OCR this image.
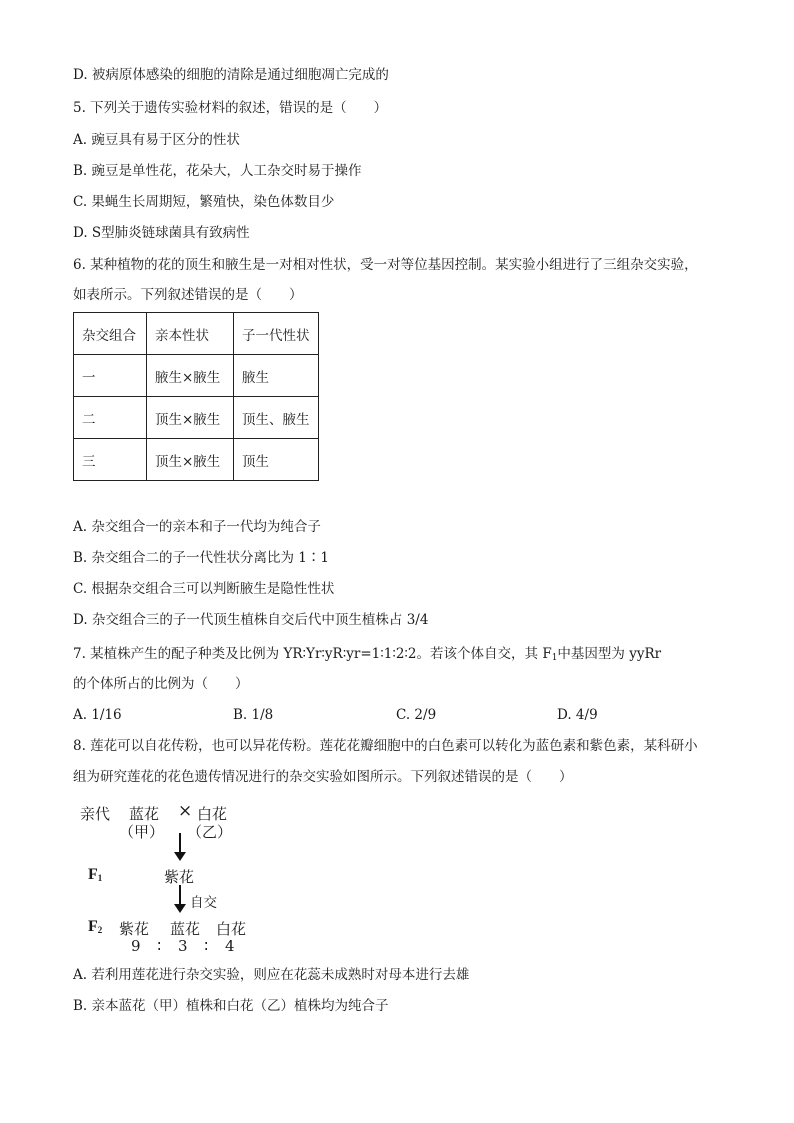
D. 被病原体感染的细胞的清除是通过细胞凋亡完成的
5. 下列关于遗传实验材料的叙述，错误的是（　　）
A. 豌豆具有易于区分的性状
B. 豌豆是单性花，花朵大，人工杂交时易于操作
C. 果蝇生长周期短，繁殖快，染色体数目少
D. S型肺炎链球菌具有致病性
6. 某种植物的花的顶生和腋生是一对相对性状，受一对等位基因控制。某实验小组进行了三组杂交实验，
如表所示。下列叙述错误的是（　　）
杂交组合	亲本性状	子一代性状
一	腋生×腋生	腋生
二	顶生×腋生	顶生、腋生
三	顶生×腋生	顶生
A. 杂交组合一的亲本和子一代均为纯合子
B. 杂交组合二的子一代性状分离比为 1∶1
C. 根据杂交组合三可以判断腋生是隐性性状
D. 杂交组合三的子一代顶生植株自交后代中顶生植株占 3/4
7. 某植株产生的配子种类及比例为 YR∶Yr∶yR∶yr=1∶1∶2∶2。若该个体自交，其 $F_1$中基因型为 yyRr
的个体所占的比例为（　　）
A. 1/16	B. 1/8	C. 2/9	D. 4/9
8. 莲花可以自花传粉，也可以异花传粉。莲花花瓣细胞中的白色素可以转化为蓝色素和紫色素，某科研小
组为研究莲花的花色遗传情况进行的杂交实验如图所示。下列叙述错误的是（　　）
亲代 蓝花 × 白花
（甲） （乙）
$F_1$	紫花
自交
$F_2$ 紫花 蓝花 白花
9 ∶ 3 ∶ 4
A. 若利用莲花进行杂交实验，则应在花蕊未成熟时对母本进行去雄
B. 亲本蓝花（甲）植株和白花（乙）植株均为纯合子
